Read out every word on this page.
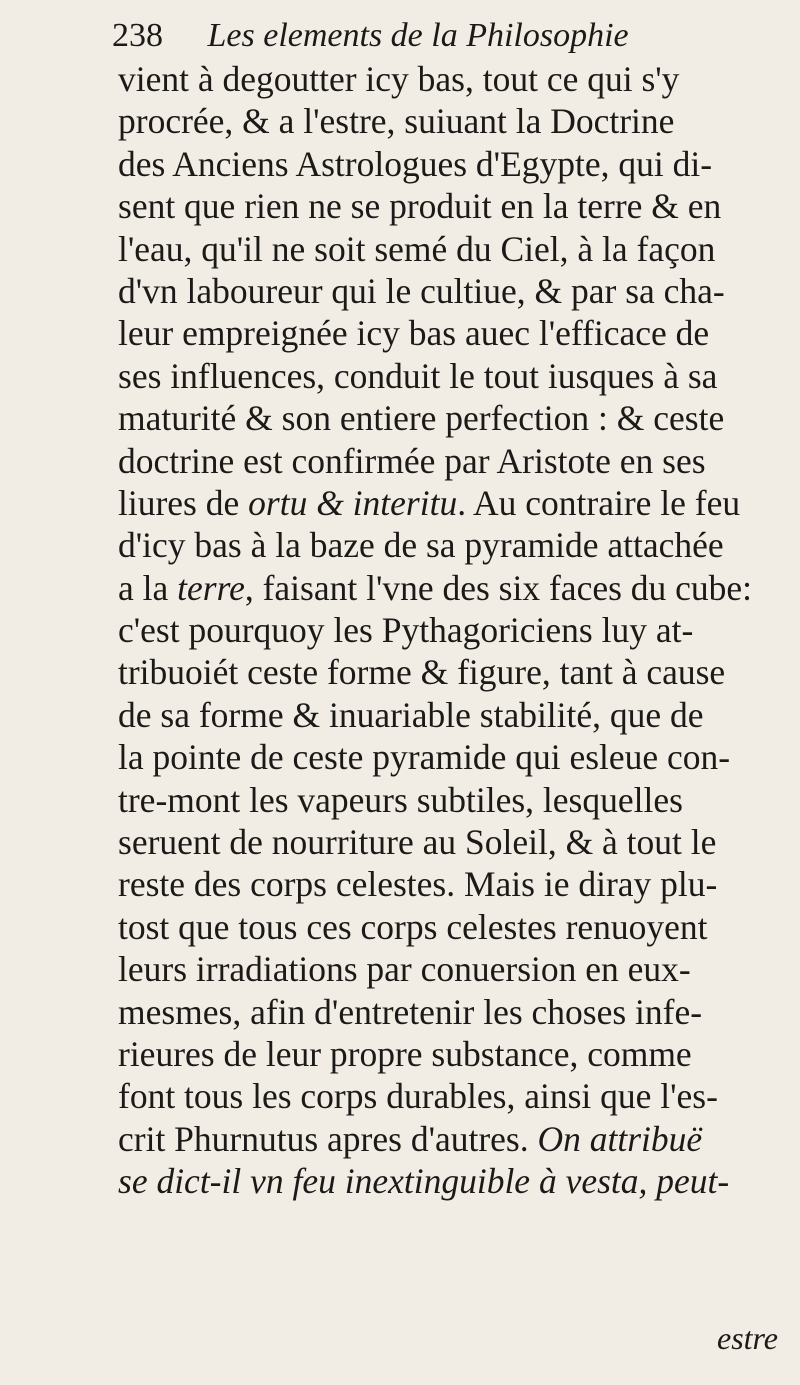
238 Les elements de la Philosophie
vient à degoutter icy bas, tout ce qui s'y
procrée, & a l'estre, suiuant la Doctrine
des Anciens Astrologues d'Egypte, qui di-
sent que rien ne se produit en la terre & en
l'eau, qu'il ne soit semé du Ciel, à la façon
d'vn laboureur qui le cultiue, & par sa cha-
leur empreignée icy bas auec l'efficace de
ses influences, conduit le tout iusques à sa
maturité & son entiere perfection : & ceste
doctrine est confirmée par Aristote en ses
liures de ortu & interitu. Au contraire le feu
d'icy bas à la baze de sa pyramide attachée
a la terre, faisant l'vne des six faces du cube:
c'est pourquoy les Pythagoriciens luy at-
tribuoiét ceste forme & figure, tant à cause
de sa forme & inuariable stabilité, que de
la pointe de ceste pyramide qui esleue con-
tre-mont les vapeurs subtiles, lesquelles
seruent de nourriture au Soleil, & à tout le
reste des corps celestes. Mais ie diray plu-
tost que tous ces corps celestes renuoyent
leurs irradiations par conuersion en eux-
mesmes, afin d'entretenir les choses infe-
rieures de leur propre substance, comme
font tous les corps durables, ainsi que l'es-
crit Phurnutus apres d'autres. On attribuë
se dict-il vn feu inextinguible à vesta, peut-
estre
